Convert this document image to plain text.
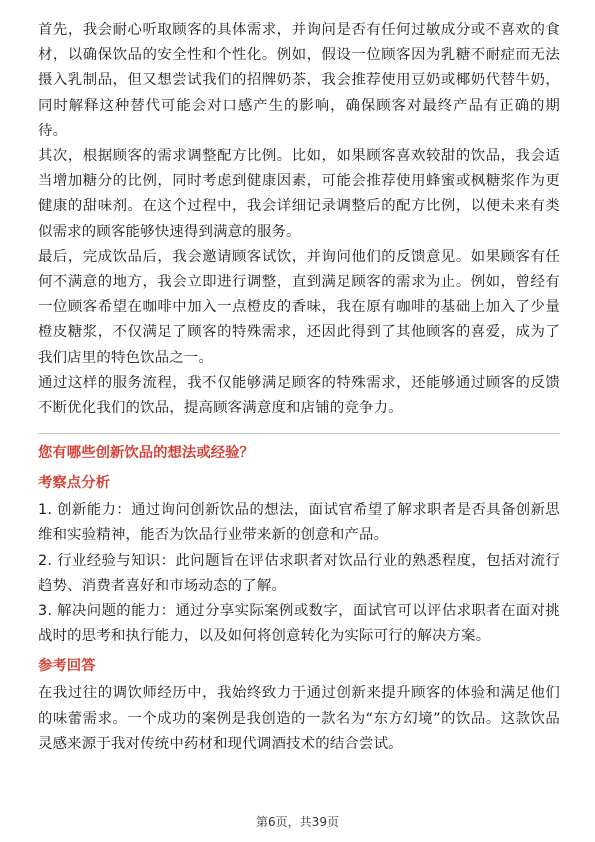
首先，我会耐心听取顾客的具体需求，并询问是否有任何过敏成分或不喜欢的食材，以确保饮品的安全性和个性化。例如，假设一位顾客因为乳糖不耐症而无法摄入乳制品，但又想尝试我们的招牌奶茶，我会推荐使用豆奶或椰奶代替牛奶，同时解释这种替代可能会对口感产生的影响，确保顾客对最终产品有正确的期待。

其次，根据顾客的需求调整配方比例。比如，如果顾客喜欢较甜的饮品，我会适当增加糖分的比例，同时考虑到健康因素，可能会推荐使用蜂蜜或枫糖浆作为更健康的甜味剂。在这个过程中，我会详细记录调整后的配方比例，以便未来有类似需求的顾客能够快速得到满意的服务。

最后，完成饮品后，我会邀请顾客试饮，并询问他们的反馈意见。如果顾客有任何不满意的地方，我会立即进行调整，直到满足顾客的需求为止。例如，曾经有一位顾客希望在咖啡中加入一点橙皮的香味，我在原有咖啡的基础上加入了少量橙皮糖浆，不仅满足了顾客的特殊需求，还因此得到了其他顾客的喜爱，成为了我们店里的特色饮品之一。

通过这样的服务流程，我不仅能够满足顾客的特殊需求，还能够通过顾客的反馈不断优化我们的饮品，提高顾客满意度和店铺的竞争力。

您有哪些创新饮品的想法或经验？
考察点分析

1. 创新能力：通过询问创新饮品的想法，面试官希望了解求职者是否具备创新思维和实验精神，能否为饮品行业带来新的创意和产品。

2. 行业经验与知识：此问题旨在评估求职者对饮品行业的熟悉程度，包括对流行趋势、消费者喜好和市场动态的了解。

3. 解决问题的能力：通过分享实际案例或数字，面试官可以评估求职者在面对挑战时的思考和执行能力，以及如何将创意转化为实际可行的解决方案。

参考回答

在我过往的调饮师经历中，我始终致力于通过创新来提升顾客的体验和满足他们的味蕾需求。一个成功的案例是我创造的一款名为“东方幻境”的饮品。这款饮品灵感来源于我对传统中药材和现代调酒技术的结合尝试。

第6页，共39页
